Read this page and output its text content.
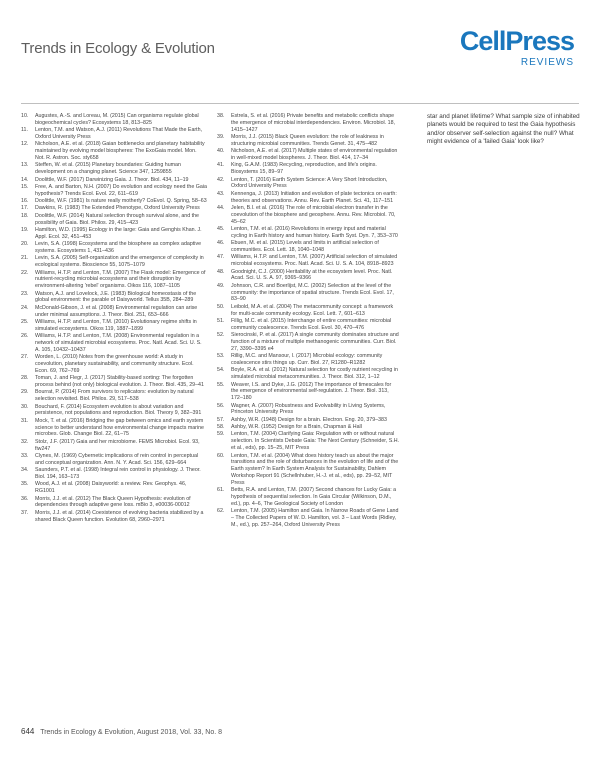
Trends in Ecology & Evolution	CellPress
REVIEWS
10.	Augustes, A.-S. and Loreau, M. (2015) Can organisms regulate global biogeochemical cycles? Ecosystems 18, 813–825
11.	Lenton, T.M. and Watson, A.J. (2011) Revolutions That Made the Earth, Oxford University Press
12.	Nicholson, A.E. et al. (2018) Gaian bottlenecks and planetary habitability maintained by evolving model biospheres: The ExoGaia model. Mon. Not. R. Astron. Soc. sty658
13.	Steffen, W. et al. (2015) Planetary boundaries: Guiding human development on a changing planet. Science 347, 1259855
14.	Doolittle, W.F. (2017) Darwinizing Gaia. J. Theor. Biol. 434, 11–19
15.	Free, A. and Barton, N.H. (2007) Do evolution and ecology need the Gaia hypothesis? Trends Ecol. Evol. 22, 611–619
16.	Doolittle, W.F. (1981) Is nature really motherly? CoEvol. Q. Spring, 58–63
17.	Dawkins, R. (1983) The Extended Phenotype, Oxford University Press
18.	Doolittle, W.F. (2014) Natural selection through survival alone, and the possibility of Gaia. Biol. Philos. 29, 415–423
19.	Hamilton, W.D. (1995) Ecology in the large: Gaia and Genghis Khan. J. Appl. Ecol. 32, 451–453
20.	Levin, S.A. (1998) Ecosystems and the biosphere as complex adaptive systems. Ecosystems 1, 431–436
21.	Levin, S.A. (2005) Self-organization and the emergence of complexity in ecological systems. Bioscience 55, 1075–1079
22.	Williams, H.T.P. and Lenton, T.M. (2007) The Flask model: Emergence of nutrient-recycling microbial ecosystems and their disruption by environment-altering 'rebel' organisms. Oikos 116, 1087–1105
23.	Watson, A.J. and Lovelock, J.E. (1983) Biological homeostasis of the global environment: the parable of Daisyworld. Tellus 35B, 284–289
24.	McDonald-Gibson, J. et al. (2008) Environmental regulation can arise under minimal assumptions. J. Theor. Biol. 251, 653–666
25.	Williams, H.T.P. and Lenton, T.M. (2010) Evolutionary regime shifts in simulated ecosystems. Oikos 119, 1887–1899
26.	Williams, H.T.P. and Lenton, T.M. (2008) Environmental regulation in a network of simulated microbial ecosystems. Proc. Natl. Acad. Sci. U. S. A. 105, 10432–10437
27.	Worden, L. (2010) Notes from the greenhouse world: A study in coevolution, planetary sustainability, and community structure. Ecol. Econ. 69, 762–769
28.	Toman, J. and Flegr, J. (2017) Stability-based sorting: The forgotten process behind (not only) biological evolution. J. Theor. Biol. 435, 29–41
29.	Bourrat, P. (2014) From survivors to replicators: evolution by natural selection revisited. Biol. Philos. 29, 517–538
30.	Bouchard, F. (2014) Ecosystem evolution is about variation and persistence, not populations and reproduction. Biol. Theory 9, 382–391
31.	Mock, T. et al. (2016) Bridging the gap between omics and earth system science to better understand how environmental change impacts marine microbes. Glob. Change Biol. 22, 61–75
32.	Stolz, J.F. (2017) Gaia and her microbiome. FEMS Microbiol. Ecol. 93, fiw247
33.	Clynes, M. (1969) Cybernetic implications of rein control in perceptual and conceptual organization. Ann. N. Y. Acad. Sci. 156, 629–664
34.	Saunders, P.T. et al. (1998) Integral rein control in physiology. J. Theor. Biol. 194, 163–173
35.	Wood, A.J. et al. (2008) Daisyworld: a review. Rev. Geophys. 46, RG1001
36.	Morris, J.J. et al. (2012) The Black Queen Hypothesis: evolution of dependencies through adaptive gene loss. mBio 3, e00036-00012
37.	Morris, J.J. et al. (2014) Coexistence of evolving bacteria stabilized by a shared Black Queen function. Evolution 68, 2960–2971
38.	Estrela, S. et al. (2016) Private benefits and metabolic conflicts shape the emergence of microbial interdependencies. Environ. Microbiol. 18, 1415–1427
39.	Morris, J.J. (2015) Black Queen evolution: the role of leakiness in structuring microbial communities. Trends Genet. 31, 475–482
40.	Nicholson, A.E. et al. (2017) Multiple states of environmental regulation in well-mixed model biospheres. J. Theor. Biol. 414, 17–34
41.	King, G.A.M. (1983) Recycling, reproduction, and life's origins. Biosystems 15, 89–97
42.	Lenton, T. (2016) Earth System Science: A Very Short Introduction, Oxford University Press
43.	Kennenga, J. (2013) Initiation and evolution of plate tectonics on earth: theories and observations. Annu. Rev. Earth Planet. Sci. 41, 117–151
44.	Jelen, B.I. et al. (2016) The role of microbial electron transfer in the coevolution of the biosphere and geosphere. Annu. Rev. Microbiol. 70, 45–62
45.	Lenton, T.M. et al. (2016) Revolutions in energy input and material cycling in Earth history and human history. Earth Syst. Dyn. 7, 353–370
46.	Ebuen, M. et al. (2015) Levels and limits in artificial selection of communities. Ecol. Lett. 18, 1040–1048
47.	Williams, H.T.P. and Lenton, T.M. (2007) Artificial selection of simulated microbial ecosystems. Proc. Natl. Acad. Sci. U. S. A. 104, 8918–8923
48.	Goodnight, C.J. (2000) Heritability at the ecosystem level. Proc. Natl. Acad. Sci. U. S. A. 97, 9365–9366
49.	Johnson, C.R. and Boerlijst, M.C. (2002) Selection at the level of the community: the importance of spatial structure. Trends Ecol. Evol. 17, 83–90
50.	Leibold, M.A. et al. (2004) The metacommunity concept: a framework for multi-scale community ecology. Ecol. Lett. 7, 601–613
51.	Fillig, M.C. et al. (2015) Interchange of entire communities: microbial community coalescence. Trends Ecol. Evol. 30, 470–476
52.	Sierocinski, P. et al. (2017) A single community dominates structure and function of a mixture of multiple methanogenic communities. Curr. Biol. 27, 3390–3395 e4
53.	Rillig, M.C. and Mansour, I. (2017) Microbial ecology: community coalescence stirs things up. Curr. Biol. 27, R1280–R1282
54.	Boyle, R.A. et al. (2012) Natural selection for costly nutrient recycling in simulated microbial metacommunities. J. Theor. Biol. 312, 1–12
55.	Weaver, I.S. and Dyke, J.G. (2012) The importance of timescales for the emergence of environmental self-regulation. J. Theor. Biol. 313, 172–180
56.	Wagner, A. (2007) Robustness and Evolvability in Living Systems, Princeton University Press
57.	Ashby, W.R. (1948) Design for a brain. Electron. Eng. 20, 379–383
58.	Ashby, W.R. (1952) Design for a Brain, Chapman & Hall
59.	Lenton, T.M. (2004) Clarifying Gaia: Regulation with or without natural selection. In Scientists Debate Gaia: The Next Century (Schneider, S.H. et al., eds), pp. 15–25, MIT Press
60.	Lenton, T.M. et al. (2004) What does history teach us about the major transitions and the role of disturbances in the evolution of life and of the Earth system? In Earth System Analysis for Sustainability, Dahlem Workshop Report 91 (Schellnhuber, H.-J. et al., eds), pp. 29–52, MIT Press
61.	Betts, R.A. and Lenton, T.M. (2007) Second chances for Lucky Gaia: a hypothesis of sequential selection. In Gaia Circular (Wilkinson, D.M., ed.), pp. 4–6, The Geological Society of London
62.	Lenton, T.M. (2005) Hamilton and Gaia. In Narrow Roads of Gene Land – The Collected Papers of W. D. Hamilton, vol. 3 – Last Words (Ridley, M., ed.), pp. 257–264, Oxford University Press
star and planet lifetime? What sample size of inhabited planets would be required to test the Gaia hypothesis and/or observer self-selection against the null? What might evidence of a 'failed Gaia' look like?
644 Trends in Ecology & Evolution, August 2018, Vol. 33, No. 8
